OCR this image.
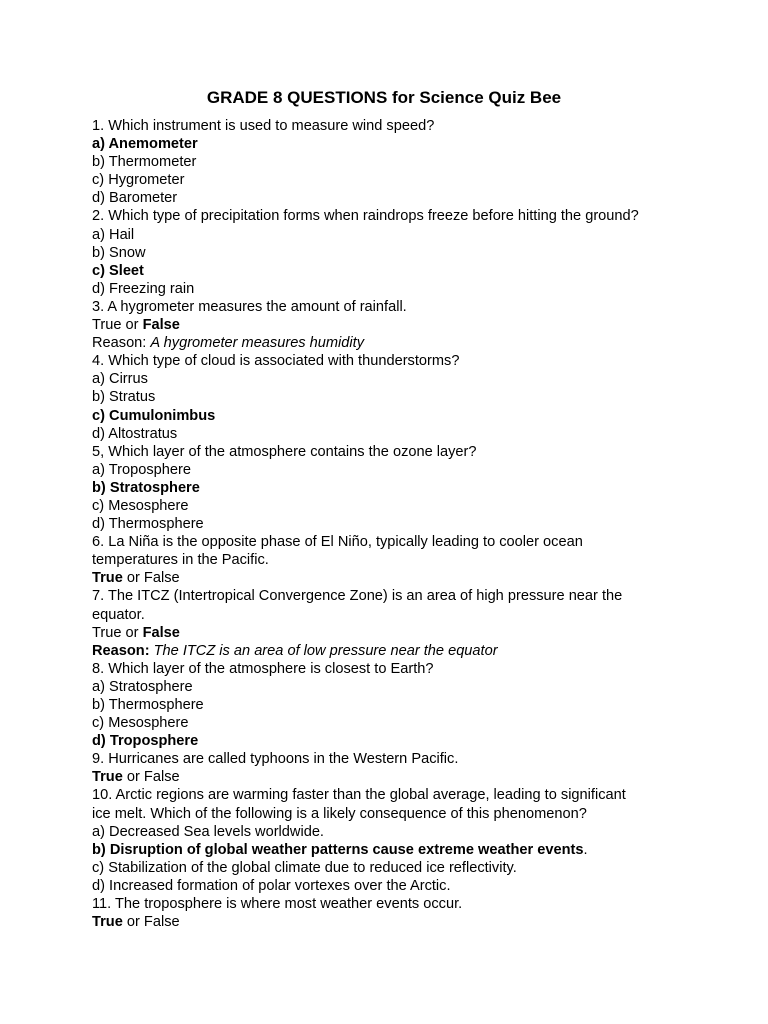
GRADE 8 QUESTIONS for Science Quiz Bee
1. Which instrument is used to measure wind speed?
a) Anemometer
b) Thermometer
c) Hygrometer
d) Barometer
2. Which type of precipitation forms when raindrops freeze before hitting the ground?
a) Hail
b) Snow
c) Sleet
d) Freezing rain
3. A hygrometer measures the amount of rainfall.
True or False
Reason: A hygrometer measures humidity
4. Which type of cloud is associated with thunderstorms?
a) Cirrus
b) Stratus
c) Cumulonimbus
d) Altostratus
5, Which layer of the atmosphere contains the ozone layer?
a) Troposphere
b) Stratosphere
c) Mesosphere
d) Thermosphere
6. La Niña is the opposite phase of El Niño, typically leading to cooler ocean
temperatures in the Pacific.
True or False
7. The ITCZ (Intertropical Convergence Zone) is an area of high pressure near the
equator.
True or False
Reason: The ITCZ is an area of low pressure near the equator
8. Which layer of the atmosphere is closest to Earth?
a) Stratosphere
b) Thermosphere
c) Mesosphere
d) Troposphere
9. Hurricanes are called typhoons in the Western Pacific.
True or False
10. Arctic regions are warming faster than the global average, leading to significant
ice melt. Which of the following is a likely consequence of this phenomenon?
a) Decreased Sea levels worldwide.
b) Disruption of global weather patterns cause extreme weather events.
c) Stabilization of the global climate due to reduced ice reflectivity.
d) Increased formation of polar vortexes over the Arctic.
11. The troposphere is where most weather events occur.
True or False
